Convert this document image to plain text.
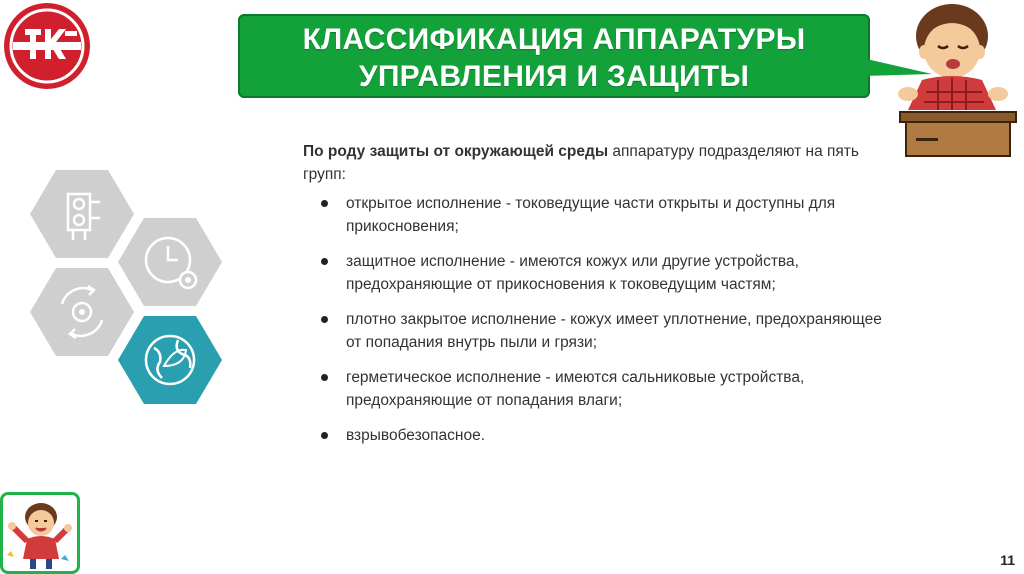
КЛАССИФИКАЦИЯ АППАРАТУРЫ
УПРАВЛЕНИЯ И ЗАЩИТЫ

По роду защиты от окружающей среды аппаратуру подразделяют на пять групп:

открытое исполнение - токоведущие части открыты и доступны для прикосновения;
защитное исполнение - имеются кожух или другие устройства, предохраняющие от прикосновения к токоведущим частям;
плотно закрытое исполнение - кожух имеет уплотнение, предохраняющее от попадания внутрь пыли и грязи;
герметическое исполнение - имеются сальниковые устройства, предохраняющие от попадания влаги;
взрывобезопасное.
11
